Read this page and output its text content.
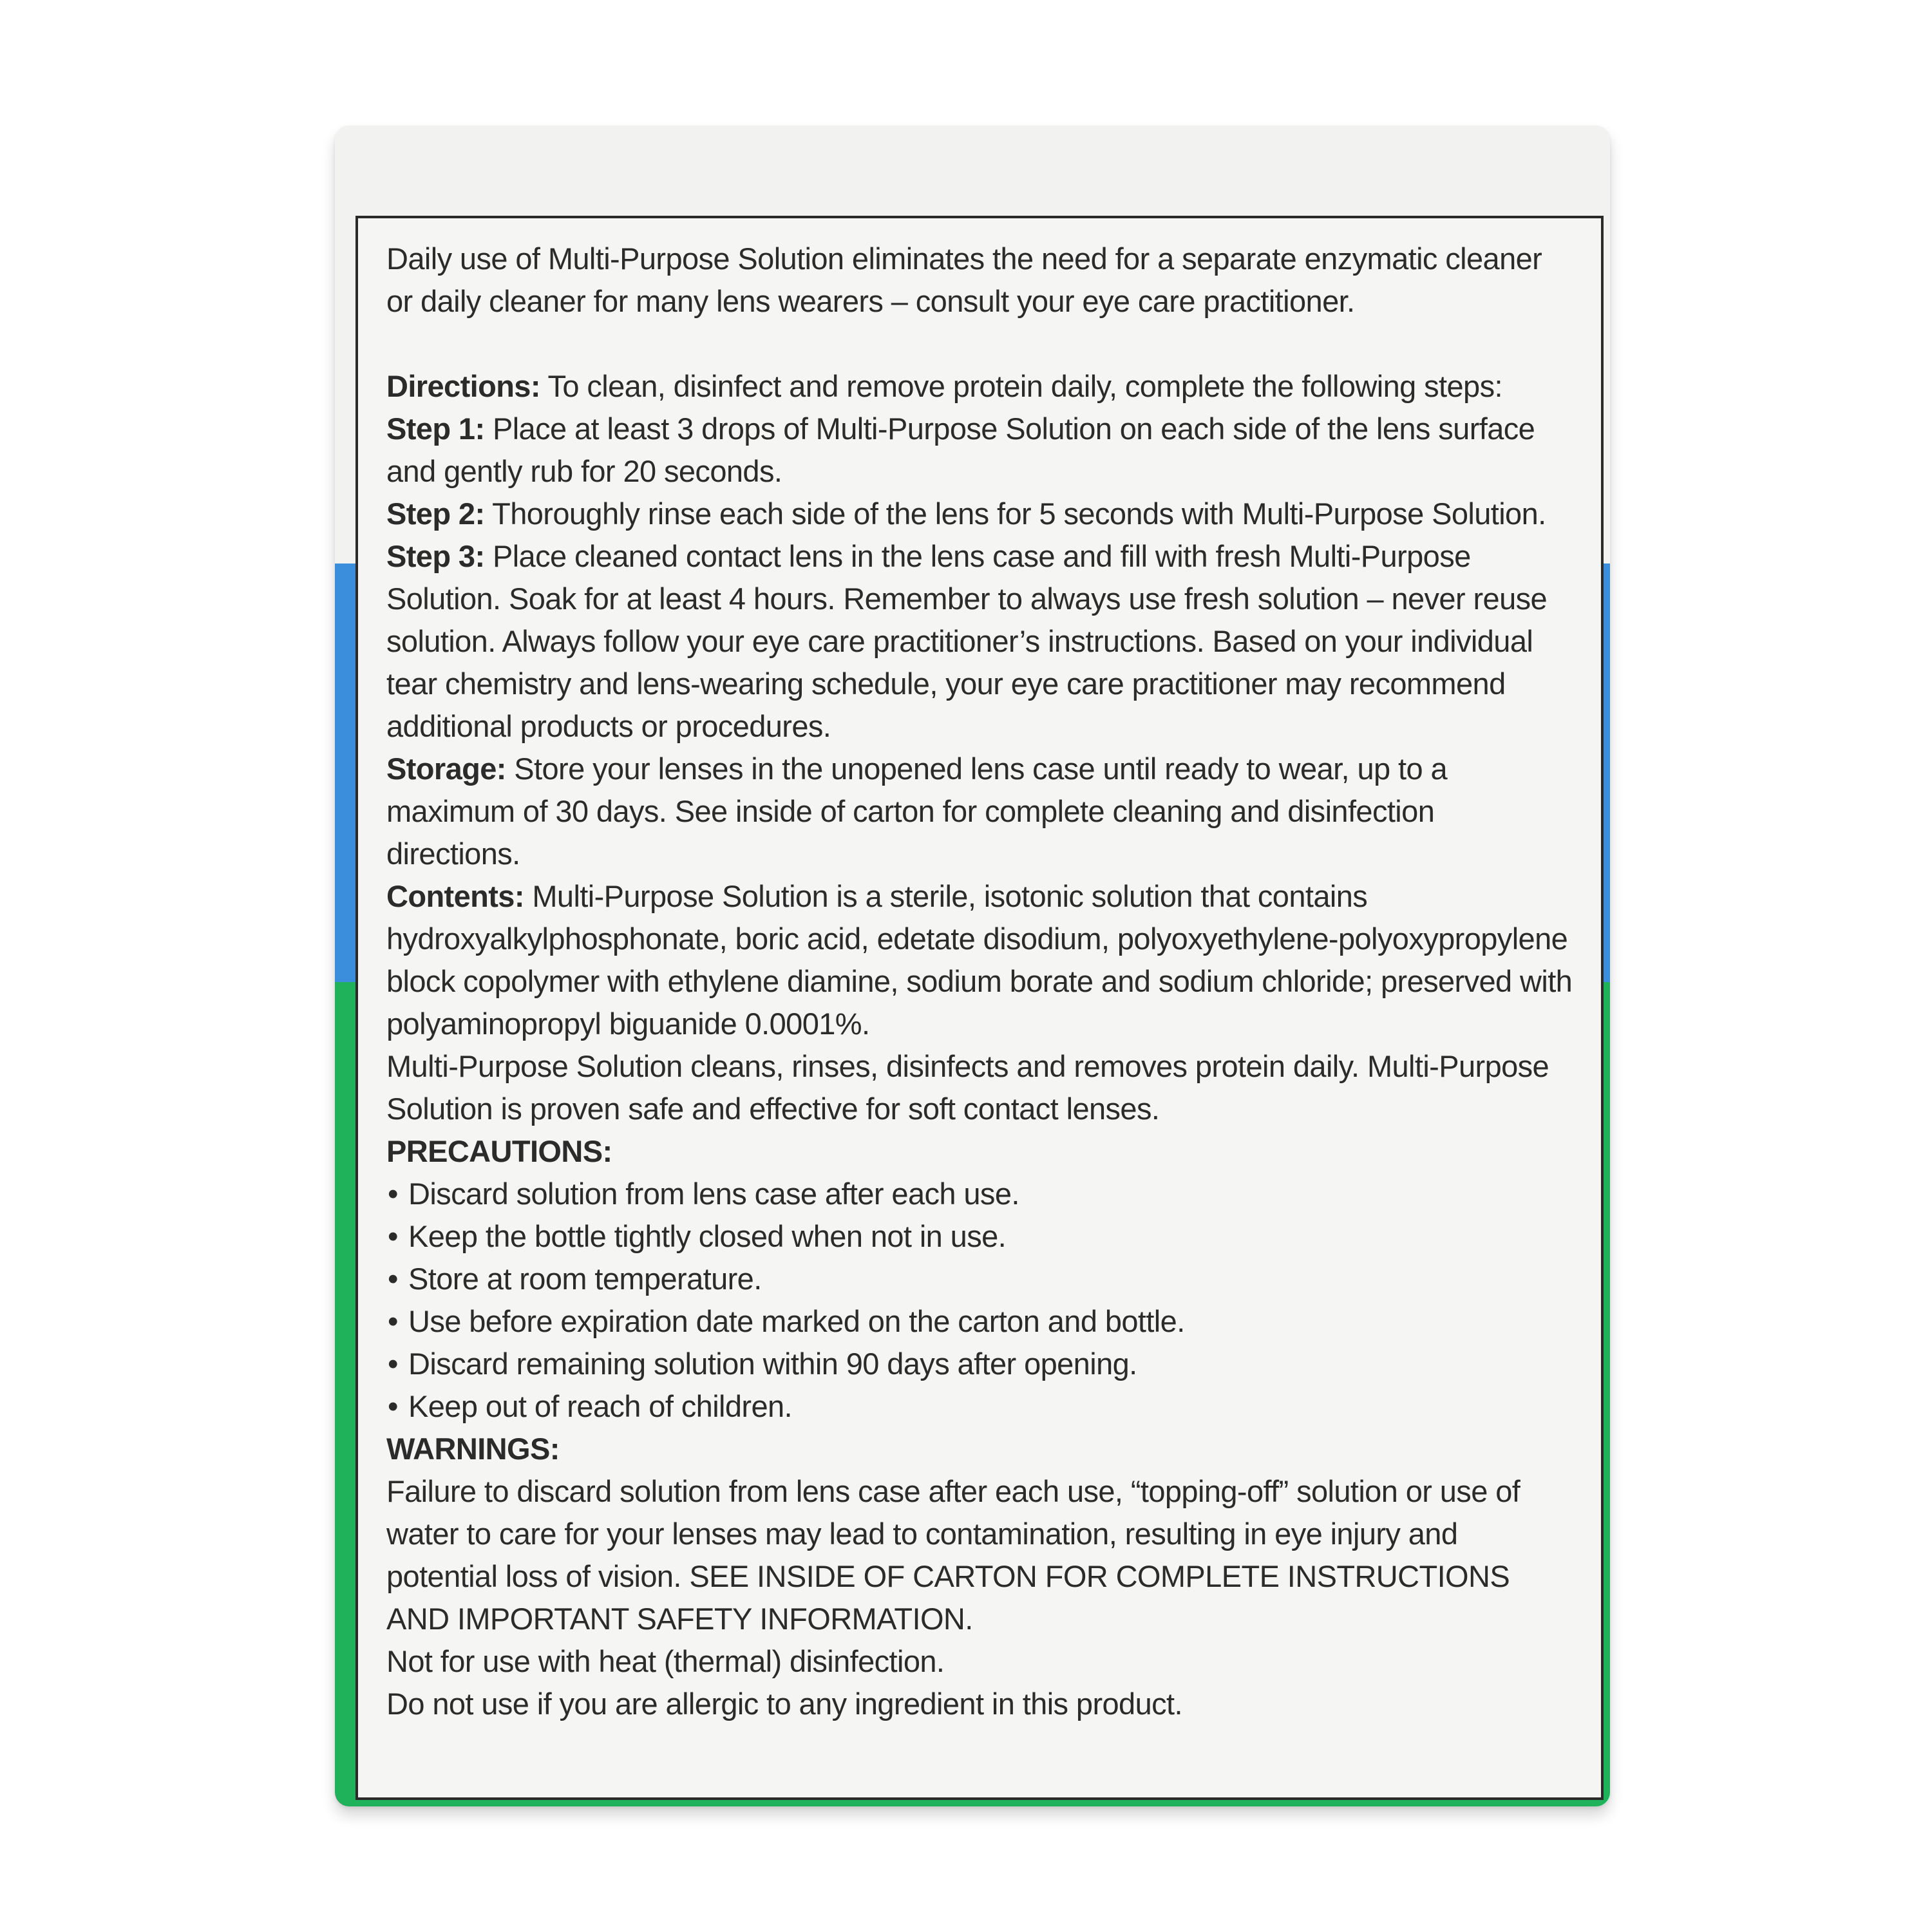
Daily use of Multi-Purpose Solution eliminates the need for a separate enzymatic cleaner or daily cleaner for many lens wearers – consult your eye care practitioner.

Directions: To clean, disinfect and remove protein daily, complete the following steps:

Step 1: Place at least 3 drops of Multi-Purpose Solution on each side of the lens surface and gently rub for 20 seconds.

Step 2: Thoroughly rinse each side of the lens for 5 seconds with Multi-Purpose Solution.

Step 3: Place cleaned contact lens in the lens case and fill with fresh Multi-Purpose Solution. Soak for at least 4 hours. Remember to always use fresh solution – never reuse solution. Always follow your eye care practitioner’s instructions. Based on your individual tear chemistry and lens-wearing schedule, your eye care practitioner may recommend additional products or procedures.

Storage: Store your lenses in the unopened lens case until ready to wear, up to a maximum of 30 days. See inside of carton for complete cleaning and disinfection directions.

Contents: Multi-Purpose Solution is a sterile, isotonic solution that contains hydroxyalkylphosphonate, boric acid, edetate disodium, polyoxyethylene-polyoxypropylene block copolymer with ethylene diamine, sodium borate and sodium chloride; preserved with polyaminopropyl biguanide 0.0001%.

Multi-Purpose Solution cleans, rinses, disinfects and removes protein daily. Multi-Purpose Solution is proven safe and effective for soft contact lenses.

PRECAUTIONS:

• Discard solution from lens case after each use.
• Keep the bottle tightly closed when not in use.
• Store at room temperature.
• Use before expiration date marked on the carton and bottle.
• Discard remaining solution within 90 days after opening.
• Keep out of reach of children.

WARNINGS:

Failure to discard solution from lens case after each use, “topping-off” solution or use of water to care for your lenses may lead to contamination, resulting in eye injury and potential loss of vision. SEE INSIDE OF CARTON FOR COMPLETE INSTRUCTIONS AND IMPORTANT SAFETY INFORMATION.

Not for use with heat (thermal) disinfection.

Do not use if you are allergic to any ingredient in this product.
